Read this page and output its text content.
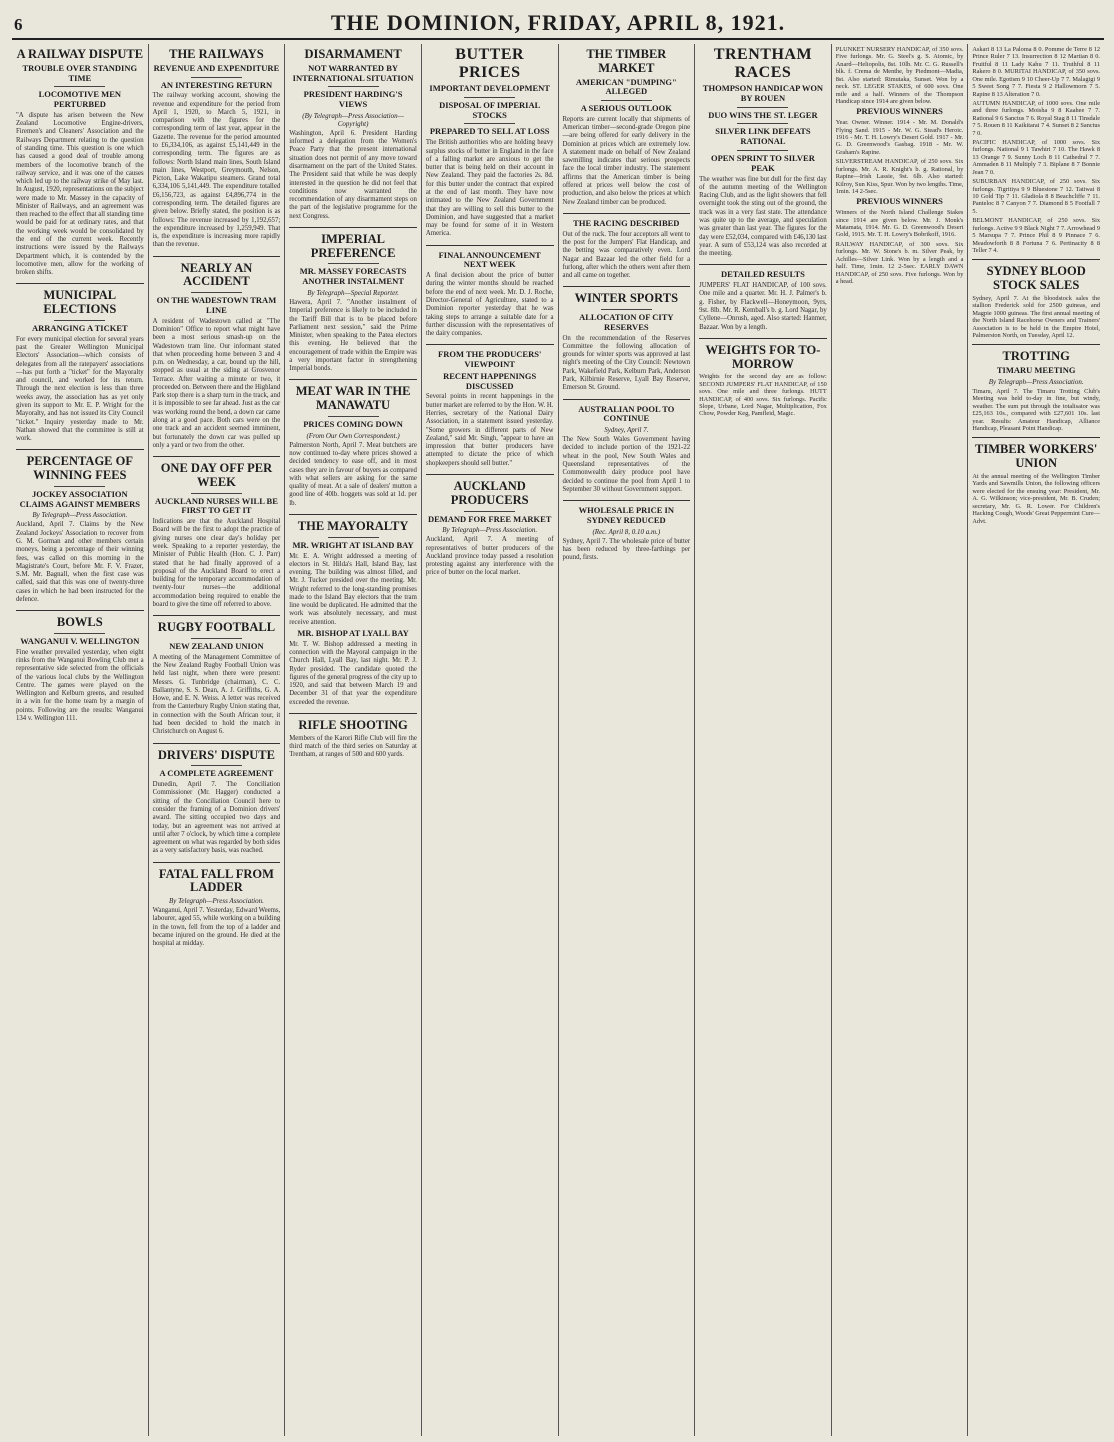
6	THE DOMINION, FRIDAY, APRIL 8, 1921.
A RAILWAY DISPUTE
TROUBLE OVER STANDING TIME
LOCOMOTIVE MEN PERTURBED

"A dispute has arisen between the New Zealand Locomotive Engine-drivers, Firemen's and Cleaners' Association and the Railways Department relating to the question of standing time. This question is one which has caused a good deal of trouble among members of the locomotive branch of the railway service, and it was one of the causes which led up to the railway strike of May last. In August, 1920, representations on the subject were made to Mr. Massey in the capacity of Minister of Railways, and an agreement was then reached to the effect that all standing time would be paid for at ordinary rates, and that the working week would be consolidated by the end of the current week. Recently instructions were issued by the Railways Department which, it is contended by the locomotive men, allow for the working of broken shifts.

MUNICIPAL ELECTIONS
ARRANGING A TICKET

For every municipal election for several years past the Greater Wellington Municipal Electors' Association—which consists of delegates from all the ratepayers' associations—has put forth a "ticket" for the Mayoralty and council, and worked for its return. Through the next election is less than three weeks away, the association has as yet only given its support to Mr. E. P. Wright for the Mayoralty, and has not issued its City Council "ticket." Inquiry yesterday made to Mr. Nathan showed that the committee is still at work.

PERCENTAGE OF WINNING FEES
JOCKEY ASSOCIATION CLAIMS AGAINST MEMBERS
By Telegraph—Press Association.

Auckland, April 7. Claims by the New Zealand Jockeys' Association to recover from G. M. Gorman and other members certain moneys, being a percentage of their winning fees, was called on this morning in the Magistrate's Court, before Mr. F. V. Frazer, S.M. Mr. Bagnall, when the first case was called, said that this was one of twenty-three cases in which he had been instructed for the defence.

BOWLS
WANGANUI V. WELLINGTON

Fine weather prevailed yesterday, when eight rinks from the Wanganui Bowling Club met a representative side selected from the officials of the various local clubs by the Wellington Centre. The games were played on the Wellington and Kelburn greens, and resulted in a win for the home team by a margin of points. Following are the results: Wanganui 134 v. Wellington 111.

THE RAILWAYS
REVENUE AND EXPENDITURE
AN INTERESTING RETURN

The railway working account, showing the revenue and expenditure for the period from April 1, 1920, to March 5, 1921, in comparison with the figures for the corresponding term of last year, appear in the Gazette. The revenue for the period amounted to £6,334,106, as against £5,141,449 in the corresponding term. The figures are as follows: North Island main lines, South Island main lines, Westport, Greymouth, Nelson, Picton, Lake Wakatipu steamers. Grand total 6,334,106 5,141,449. The expenditure totalled £6,156,723, as against £4,896,774 in the corresponding term. The detailed figures are given below. Briefly stated, the position is as follows: The revenue increased by 1,192,657; the expenditure increased by 1,259,949. That is, the expenditure is increasing more rapidly than the revenue.

NEARLY AN ACCIDENT
ON THE WADESTOWN TRAM LINE

A resident of Wadestown called at "The Dominion" Office to report what might have been a most serious smash-up on the Wadestown tram line. Our informant stated that when proceeding home between 3 and 4 p.m. on Wednesday, a car, bound up the hill, stopped as usual at the siding at Grosvenor Terrace. After waiting a minute or two, it proceeded on. Between there and the Highland Park stop there is a sharp turn in the track, and it is impossible to see far ahead. Just as the car was working round the bend, a down car came along at a good pace. Both cars were on the one track and an accident seemed imminent, but fortunately the down car was pulled up only a yard or two from the other.

ONE DAY OFF PER WEEK
AUCKLAND NURSES WILL BE FIRST TO GET IT

Indications are that the Auckland Hospital Board will be the first to adopt the practice of giving nurses one clear day's holiday per week. Speaking to a reporter yesterday, the Minister of Public Health (Hon. C. J. Parr) stated that he had finally approved of a proposal of the Auckland Board to erect a building for the temporary accommodation of twenty-four nurses—the additional accommodation being required to enable the board to give the time off referred to above.

RUGBY FOOTBALL
NEW ZEALAND UNION

A meeting of the Management Committee of the New Zealand Rugby Football Union was held last night, when there were present: Messrs. G. Tunbridge (chairman), C. C. Ballantyne, S. S. Dean, A. J. Griffiths, G. A. Howe, and E. N. Weiss. A letter was received from the Canterbury Rugby Union stating that, in connection with the South African tour, it had been decided to hold the match in Christchurch on August 6.

DRIVERS' DISPUTE
A COMPLETE AGREEMENT

Dunedin, April 7. The Conciliation Commissioner (Mr. Hagger) conducted a sitting of the Conciliation Council here to consider the framing of a Dominion drivers' award. The sitting occupied two days and today, but an agreement was not arrived at until after 7 o'clock, by which time a complete agreement on what was regarded by both sides as a very satisfactory basis, was reached.

FATAL FALL FROM LADDER
By Telegraph—Press Association.

Wanganui, April 7. Yesterday, Edward Weems, labourer, aged 55, while working on a building in the town, fell from the top of a ladder and became injured on the ground. He died at the hospital at midday.

DISARMAMENT
NOT WARRANTED BY INTERNATIONAL SITUATION
PRESIDENT HARDING'S VIEWS
(By Telegraph—Press Association—Copyright)

Washington, April 6. President Harding informed a delegation from the Women's Peace Party that the present international situation does not permit of any move toward disarmament on the part of the United States. The President said that while he was deeply interested in the question he did not feel that conditions now warranted the recommendation of any disarmament steps on the part of the legislative programme for the next Congress.

IMPERIAL PREFERENCE
MR. MASSEY FORECASTS ANOTHER INSTALMENT
By Telegraph—Special Reporter.

Hawera, April 7. "Another instalment of Imperial preference is likely to be included in the Tariff Bill that is to be placed before Parliament next session," said the Prime Minister, when speaking to the Patea electors this evening. He believed that the encouragement of trade within the Empire was a very important factor in strengthening Imperial bonds.

MEAT WAR IN THE MANAWATU
PRICES COMING DOWN
(From Our Own Correspondent.)

Palmerston North, April 7. Meat butchers are now continued to-day where prices showed a decided tendency to ease off, and in most cases they are in favour of buyers as compared with what sellers are asking for the same quality of meat. At a sale of dealers' mutton a good line of 40lb. hoggets was sold at 1d. per lb.

THE MAYORALTY
MR. WRIGHT AT ISLAND BAY

Mr. E. A. Wright addressed a meeting of electors in St. Hilda's Hall, Island Bay, last evening. The building was almost filled, and Mr. J. Tucker presided over the meeting. Mr. Wright referred to the long-standing promises made to the Island Bay electors that the tram line would be duplicated. He admitted that the work was absolutely necessary, and must receive attention.

MR. BISHOP AT LYALL BAY

Mr. T. W. Bishop addressed a meeting in connection with the Mayoral campaign in the Church Hall, Lyall Bay, last night. Mr. P. J. Ryder presided. The candidate quoted the figures of the general progress of the city up to 1920, and said that between March 19 and December 31 of that year the expenditure exceeded the revenue.

RIFLE SHOOTING

Members of the Karori Rifle Club will fire the third match of the third series on Saturday at Trentham, at ranges of 500 and 600 yards.

BUTTER PRICES
IMPORTANT DEVELOPMENT
DISPOSAL OF IMPERIAL STOCKS
PREPARED TO SELL AT LOSS

The British authorities who are holding heavy surplus stocks of butter in England in the face of a falling market are anxious to get the butter that is being held on their account in New Zealand. They paid the factories 2s. 8d. for this butter under the contract that expired at the end of last month. They have now intimated to the New Zealand Government that they are willing to sell this butter to the Dominion, and have suggested that a market may be found for some of it in Western America.

FINAL ANNOUNCEMENT NEXT WEEK

A final decision about the price of butter during the winter months should be reached before the end of next week. Mr. D. J. Roche, Director-General of Agriculture, stated to a Dominion reporter yesterday that he was taking steps to arrange a suitable date for a further discussion with the representatives of the dairy companies.

FROM THE PRODUCERS' VIEWPOINT
RECENT HAPPENINGS DISCUSSED

Several points in recent happenings in the butter market are referred to by the Hon. W. H. Herries, secretary of the National Dairy Association, in a statement issued yesterday. "Some growers in different parts of New Zealand," said Mr. Singh, "appear to have an impression that butter producers have attempted to dictate the price of which shopkeepers should sell butter."

AUCKLAND PRODUCERS
DEMAND FOR FREE MARKET
By Telegraph—Press Association.

Auckland, April 7. A meeting of representatives of butter producers of the Auckland province today passed a resolution protesting against any interference with the price of butter on the local market.

THE TIMBER MARKET
AMERICAN "DUMPING" ALLEGED
A SERIOUS OUTLOOK

Reports are current locally that shipments of American timber—second-grade Oregon pine—are being offered for early delivery in the Dominion at prices which are extremely low. A statement made on behalf of New Zealand sawmilling indicates that serious prospects face the local timber industry. The statement affirms that the American timber is being offered at prices well below the cost of production, and also below the prices at which New Zealand timber can be produced.

THE RACING DESCRIBED

Out of the ruck. The four acceptors all went to the post for the Jumpers' Flat Handicap, and the betting was comparatively even. Lord Nagar and Bazaar led the other field for a furlong, after which the others went after them and all came on together.

WINTER SPORTS
ALLOCATION OF CITY RESERVES

On the recommendation of the Reserves Committee the following allocation of grounds for winter sports was approved at last night's meeting of the City Council: Newtown Park, Wakefield Park, Kelburn Park, Anderson Park, Kilbirnie Reserve, Lyall Bay Reserve, Emerson St. Ground.

AUSTRALIAN POOL TO CONTINUE
Sydney, April 7.

The New South Wales Government having decided to include portion of the 1921-22 wheat in the pool, New South Wales and Queensland representatives of the Commonwealth dairy produce pool have decided to continue the pool from April 1 to September 30 without Government support.

WHOLESALE PRICE IN SYDNEY REDUCED
(Rec. April 8, 0.10 a.m.)

Sydney, April 7. The wholesale price of butter has been reduced by three-farthings per pound, firsts.

TRENTHAM RACES
THOMPSON HANDICAP WON BY ROUEN
DUO WINS THE ST. LEGER
SILVER LINK DEFEATS RATIONAL
OPEN SPRINT TO SILVER PEAK

The weather was fine but dull for the first day of the autumn meeting of the Wellington Racing Club, and as the light showers that fell overnight took the sting out of the ground, the track was in a very fast state. The attendance was quite up to the average, and speculation was greater than last year. The figures for the day were £52,034, compared with £46,130 last year. A sum of £53,124 was also recorded at the meeting.

DETAILED RESULTS

JUMPERS' FLAT HANDICAP, of 100 sovs. One mile and a quarter. Mr. H. J. Palmer's b. g. Fisher, by Flackwell—Honeymoon, 9yrs, 9st. 8lb. Mr. R. Kemball's b. g. Lord Nagar, by Cyllene—Onrush, aged. Also started: Hanmer, Bazaar. Won by a length.

WEIGHTS FOR TO-MORROW

Weights for the second day are as follow: SECOND JUMPERS' FLAT HANDICAP, of 150 sovs. One mile and three furlongs. HUTT HANDICAP, of 400 sovs. Six furlongs. Pacific Slope, Urbane, Lord Nagar, Multiplication, Fox Chow, Powder Keg, Pamfleid, Magic.

PLUNKET NURSERY HANDICAP, of 350 sovs. Five furlongs. Mr. G. Steel's g. S. Atomic, by Anard—Heliopolis, 8st. 10lb. Mr. C. G. Russell's blk. f. Crema de Menthe, by Piedmont—Madia, 8st. Also started: Rimutaka, Sunset. Won by a neck. ST. LEGER STAKES, of 600 sovs. One mile and a half. Winners of the Thompson Handicap since 1914 are given below.

PREVIOUS WINNERS

Year. Owner. Winner. 1914 - Mr. M. Donald's Flying Sand. 1915 - Mr. W. G. Stead's Heroic. 1916 - Mr. T. H. Lowry's Desert Gold. 1917 - Mr. G. D. Greenwood's Gasbag. 1918 - Mr. W. Graham's Rapine.

SILVERSTREAM HANDICAP, of 250 sovs. Six furlongs. Mr. A. R. Knight's b. g. Rational, by Rapine—Irish Lassie, 9st. 6lb. Also started: Kilroy, Sun Kiss, Spur. Won by two lengths. Time, 1min. 14 2-5sec.

PREVIOUS WINNERS

Winners of the North Island Challenge Stakes since 1914 are given below. Mr. J. Monk's Matamata, 1914. Mr. G. D. Greenwood's Desert Gold, 1915. Mr. T. H. Lowry's Bobrikoff, 1916.

RAILWAY HANDICAP, of 300 sovs. Six furlongs. Mr. W. Stone's b. m. Silver Peak, by Achilles—Silver Link. Won by a length and a half. Time, 1min. 12 2-5sec. EARLY DAWN HANDICAP, of 250 sovs. Five furlongs. Won by a head.

Askari 8 13 La Paloma 8 0. Pomme de Terre 8 12 Prince Ruler 7 13. Insurrection 8 12 Martian 8 0. Fruitful 8 11 Lady Kahu 7 11. Truthful 8 11 Rakero 8 0. MURITAI HANDICAP, of 350 sovs. One mile. Egotism 9 10 Cheer-Up 7 7. Malagigi 9 5 Sweet Song 7 7. Fiesta 9 2 Hallowmorn 7 5. Rapine 8 13 Alteration 7 0.

AUTUMN HANDICAP, of 1000 sovs. One mile and three furlongs. Moisha 9 8 Kaahee 7 7. Rational 9 6 Sanctus 7 6. Royal Stag 8 11 Tinsdale 7 5. Rouen 8 11 Kaikitarai 7 4. Sunset 8 2 Sanctus 7 0.

PACIFIC HANDICAP, of 1000 sovs. Six furlongs. National 9 1 Tawhiri 7 10. The Hawk 8 13 Orange 7 9. Sunny Loch 8 11 Cathedral 7 7. Ammaden 8 11 Multiply 7 3. Biplane 8 7 Bonnie Jean 7 0.

SUBURBAN HANDICAP, of 250 sovs. Six furlongs. Tigritiya 9 9 Bluestone 7 12. Tatiwai 8 10 Gold Tip 7 11. Gladiola 8 8 Beachcliffe 7 11. Panteloc 8 7 Canyon 7 7. Diamond 8 5 Footfall 7 5.

BELMONT HANDICAP, of 250 sovs. Six furlongs. Active 9 9 Black Night 7 7. Arrowhead 9 5 Marsupa 7 7. Prince Phil 8 9 Pinnace 7 6. Meadowforth 8 8 Fortuna 7 6. Pertinacity 8 8 Teller 7 4.

SYDNEY BLOOD STOCK SALES

Sydney, April 7. At the bloodstock sales the stallion Frederick sold for 2500 guineas, and Magpie 1000 guineas. The first annual meeting of the North Island Racehorse Owners and Trainers' Association is to be held in the Empire Hotel, Palmerston North, on Tuesday, April 12.

TROTTING
TIMARU MEETING
By Telegraph—Press Association.

Timaru, April 7. The Timaru Trotting Club's Meeting was held to-day in fine, but windy, weather. The sum put through the totalisator was £25,163 10s., compared with £27,601 10s. last year. Results: Amateur Handicap, Alliance Handicap, Pleasant Point Handicap.

TIMBER WORKERS' UNION

At the annual meeting of the Wellington Timber Yards and Sawmills Union, the following officers were elected for the ensuing year: President, Mr. A. G. Wilkinson; vice-president, Mr. B. Cruden; secretary, Mr. G. R. Lower. For Children's Hacking Cough, Woods' Great Peppermint Cure—Advt.
